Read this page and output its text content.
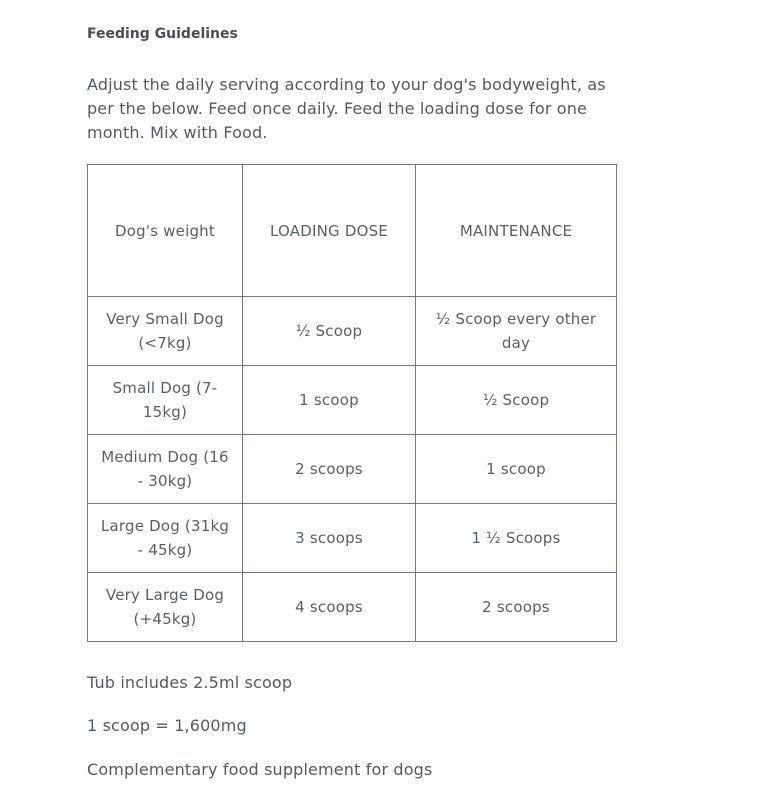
Feeding Guidelines

Adjust the daily serving according to your dog's bodyweight, as per the below. Feed once daily. Feed the loading dose for one month. Mix with Food.

Dog's weight	LOADING DOSE	MAINTENANCE
Very Small Dog (<7kg)	½ Scoop	½ Scoop every other day
Small Dog (7-15kg)	1 scoop	½ Scoop
Medium Dog (16 - 30kg)	2 scoops	1 scoop
Large Dog (31kg - 45kg)	3 scoops	1 ½ Scoops
Very Large Dog (+45kg)	4 scoops	2 scoops
Tub includes 2.5ml scoop
1 scoop = 1,600mg
Complementary food supplement for dogs
